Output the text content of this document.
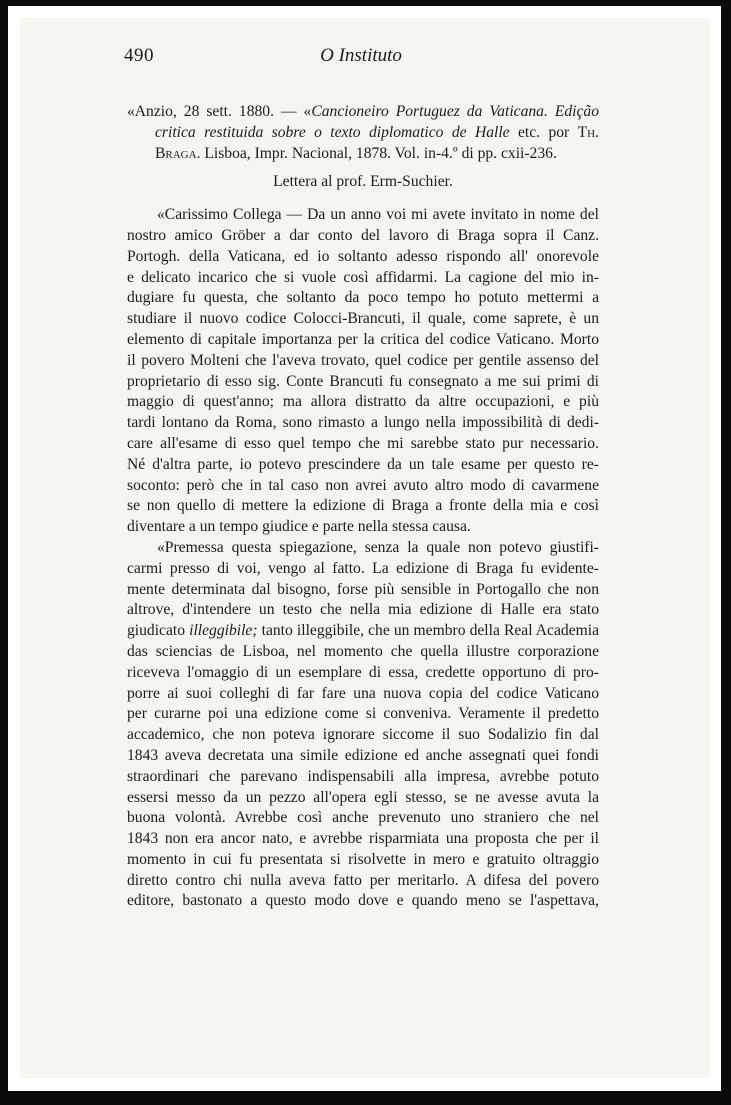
490	O Instituto
«Anzio, 28 sett. 1880. — «Cancioneiro Portuguez da Vaticana. Edição
critica restituida sobre o texto diplomatico de Halle etc. por Th.
Braga. Lisboa, Impr. Nacional, 1878. Vol. in-4.º di pp. cxii-236.
Lettera al prof. Erm-Suchier.
«Carissimo Collega — Da un anno voi mi avete invitato in nome del
nostro amico Gröber a dar conto del lavoro di Braga sopra il Canz.
Portogh. della Vaticana, ed io soltanto adesso rispondo all' onorevole
e delicato incarico che si vuole così affidarmi. La cagione del mio in-
dugiare fu questa, che soltanto da poco tempo ho potuto mettermi a
studiare il nuovo codice Colocci-Brancuti, il quale, come saprete, è un
elemento di capitale importanza per la critica del codice Vaticano. Morto
il povero Molteni che l'aveva trovato, quel codice per gentile assenso del
proprietario di esso sig. Conte Brancuti fu consegnato a me sui primi di
maggio di quest'anno; ma allora distratto da altre occupazioni, e più
tardi lontano da Roma, sono rimasto a lungo nella impossibilità di dedi-
care all'esame di esso quel tempo che mi sarebbe stato pur necessario.
Né d'altra parte, io potevo prescindere da un tale esame per questo re-
soconto: però che in tal caso non avrei avuto altro modo di cavarmene
se non quello di mettere la edizione di Braga a fronte della mia e così
diventare a un tempo giudice e parte nella stessa causa.
«Premessa questa spiegazione, senza la quale non potevo giustifi-
carmi presso di voi, vengo al fatto. La edizione di Braga fu evidente-
mente determinata dal bisogno, forse più sensible in Portogallo che non
altrove, d'intendere un testo che nella mia edizione di Halle era stato
giudicato illeggibile; tanto illeggibile, che un membro della Real Academia
das sciencias de Lisboa, nel momento che quella illustre corporazione
riceveva l'omaggio di un esemplare di essa, credette opportuno di pro-
porre ai suoi colleghi di far fare una nuova copia del codice Vaticano
per curarne poi una edizione come si conveniva. Veramente il predetto
accademico, che non poteva ignorare siccome il suo Sodalizio fin dal
1843 aveva decretata una simile edizione ed anche assegnati quei fondi
straordinari che parevano indispensabili alla impresa, avrebbe potuto
essersi messo da un pezzo all'opera egli stesso, se ne avesse avuta la
buona volontà. Avrebbe così anche prevenuto uno straniero che nel
1843 non era ancor nato, e avrebbe risparmiata una proposta che per il
momento in cui fu presentata si risolvette in mero e gratuito oltraggio
diretto contro chi nulla aveva fatto per meritarlo. A difesa del povero
editore, bastonato a questo modo dove e quando meno se l'aspettava,
